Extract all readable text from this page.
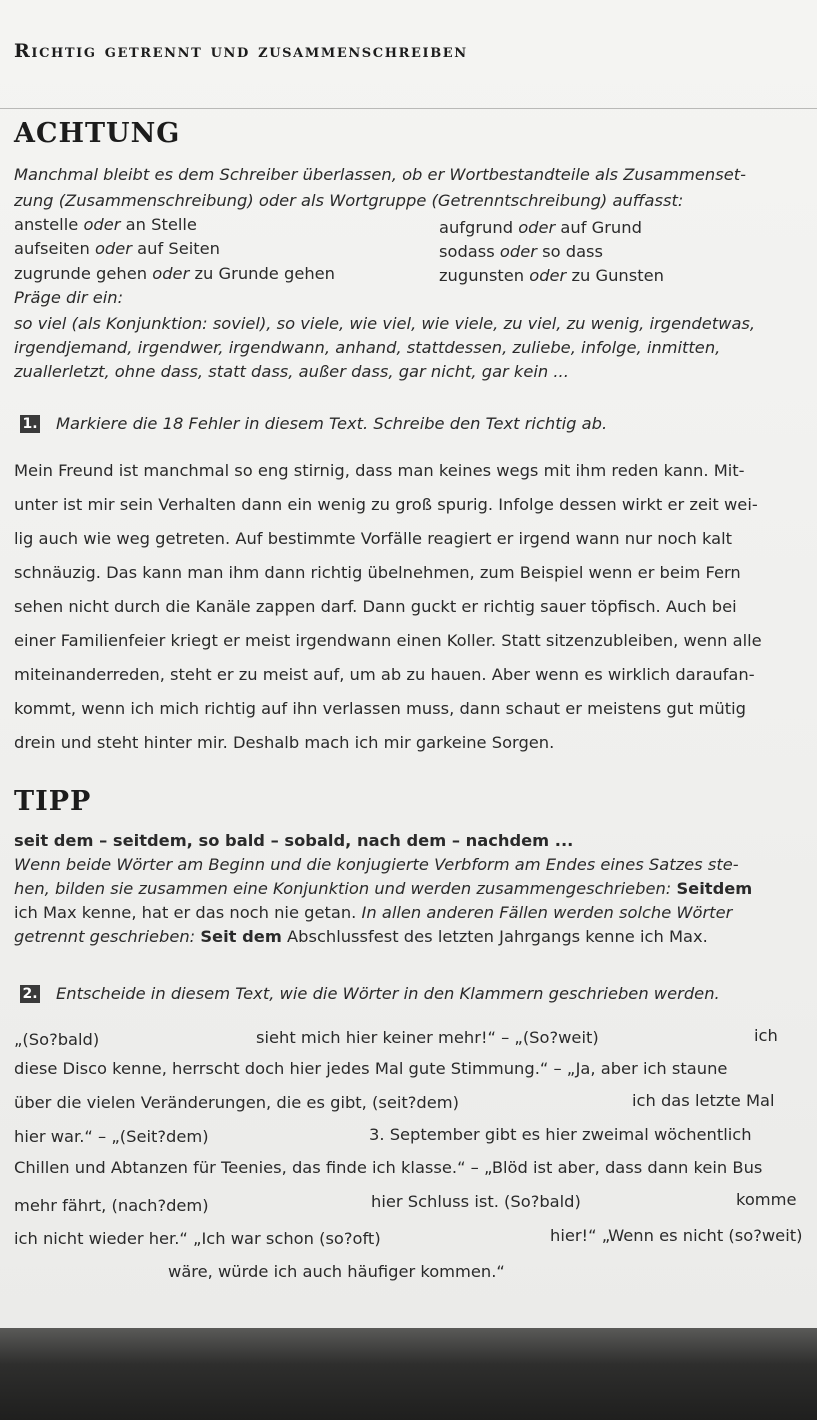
Richtig getrennt und zusammenschreiben
ACHTUNG
Manchmal bleibt es dem Schreiber überlassen, ob er Wortbestandteile als Zusammenset-
zung (Zusammenschreibung) oder als Wortgruppe (Getrenntschreibung) auffasst:
anstelle oder an Stelle	aufgrund oder auf Grund
aufseiten oder auf Seiten	sodass oder so dass
zugrunde gehen oder zu Grunde gehen	zugunsten oder zu Gunsten
Präge dir ein:
so viel (als Konjunktion: soviel), so viele, wie viel, wie viele, zu viel, zu wenig, irgendetwas,
irgendjemand, irgendwer, irgendwann, anhand, stattdessen, zuliebe, infolge, inmitten,
zuallerletzt, ohne dass, statt dass, außer dass, gar nicht, gar kein ...
1. Markiere die 18 Fehler in diesem Text. Schreibe den Text richtig ab.
Mein Freund ist manchmal so eng stirnig, dass man keines wegs mit ihm reden kann. Mit-
unter ist mir sein Verhalten dann ein wenig zu groß spurig. Infolge dessen wirkt er zeit wei-
lig auch wie weg getreten. Auf bestimmte Vorfälle reagiert er irgend wann nur noch kalt
schnäuzig. Das kann man ihm dann richtig übelnehmen, zum Beispiel wenn er beim Fern
sehen nicht durch die Kanäle zappen darf. Dann guckt er richtig sauer töpfisch. Auch bei
einer Familienfeier kriegt er meist irgendwann einen Koller. Statt sitzenzubleiben, wenn alle
miteinanderreden, steht er zu meist auf, um ab zu hauen. Aber wenn es wirklich daraufan-
kommt, wenn ich mich richtig auf ihn verlassen muss, dann schaut er meistens gut mütig
drein und steht hinter mir. Deshalb mach ich mir garkeine Sorgen.
TIPP
seit dem – seitdem, so bald – sobald, nach dem – nachdem ...
Wenn beide Wörter am Beginn und die konjugierte Verbform am Endes eines Satzes ste-
hen, bilden sie zusammen eine Konjunktion und werden zusammengeschrieben: Seitdem
ich Max kenne, hat er das noch nie getan. In allen anderen Fällen werden solche Wörter
getrennt geschrieben: Seit dem Abschlussfest des letzten Jahrgangs kenne ich Max.
2. Entscheide in diesem Text, wie die Wörter in den Klammern geschrieben werden.
„(So?bald)	sieht mich hier keiner mehr!“ – „(So?weit)	ich
diese Disco kenne, herrscht doch hier jedes Mal gute Stimmung.“ – „Ja, aber ich staune
über die vielen Veränderungen, die es gibt, (seit?dem)	ich das letzte Mal
hier war.“ – „(Seit?dem)	3. September gibt es hier zweimal wöchentlich
Chillen und Abtanzen für Teenies, das finde ich klasse.“ – „Blöd ist aber, dass dann kein Bus
mehr fährt, (nach?dem)	hier Schluss ist. (So?bald)	komme
ich nicht wieder her.“ „Ich war schon (so?oft)	hier!“ „Wenn es nicht (so?weit)
wäre, würde ich auch häufiger kommen.“
